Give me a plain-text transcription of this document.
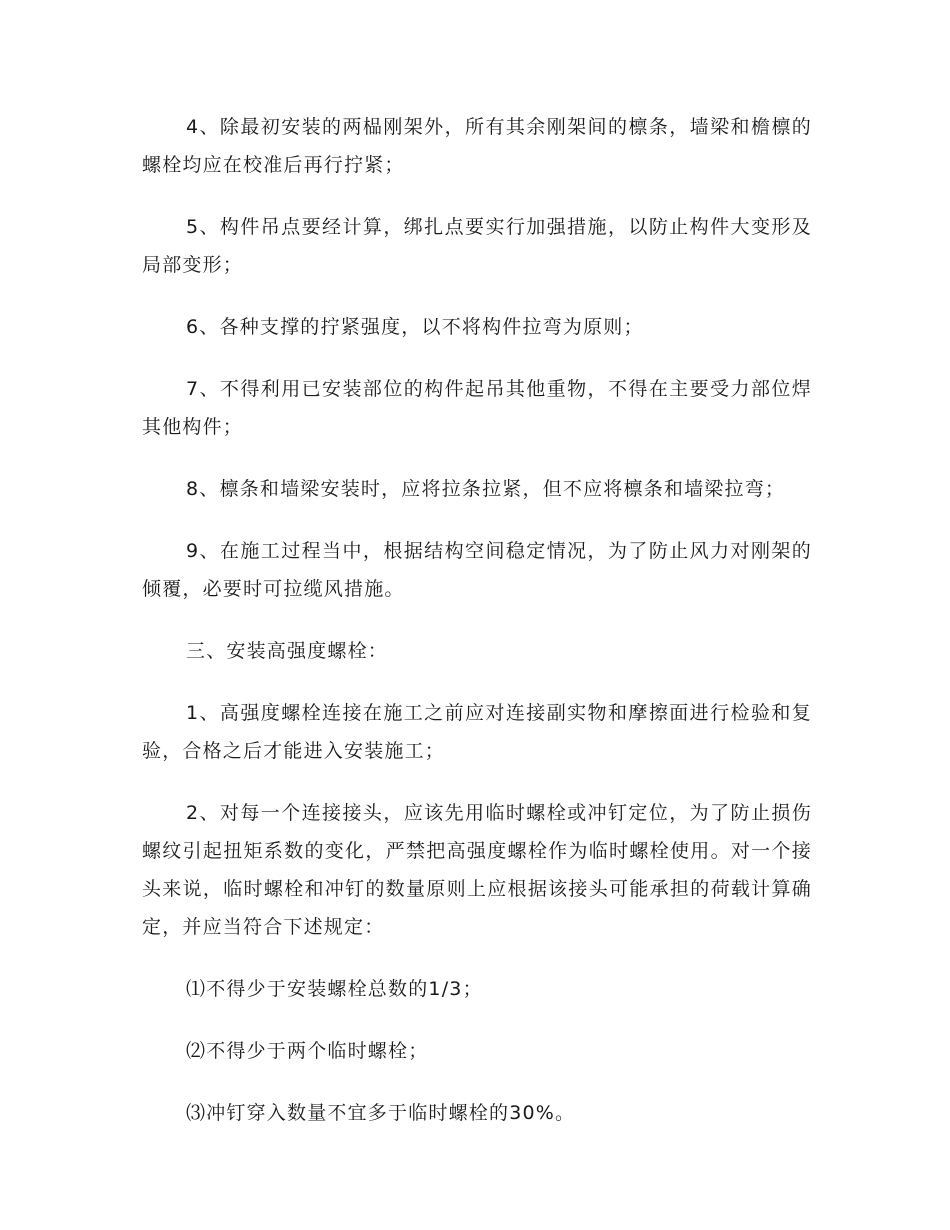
4、除最初安装的两榀刚架外，所有其余刚架间的檩条，墙梁和檐檩的螺栓均应在校准后再行拧紧；

5、构件吊点要经计算，绑扎点要实行加强措施，以防止构件大变形及局部变形；

6、各种支撑的拧紧强度，以不将构件拉弯为原则；

7、不得利用已安装部位的构件起吊其他重物，不得在主要受力部位焊其他构件；

8、檩条和墙梁安装时，应将拉条拉紧，但不应将檩条和墙梁拉弯；

9、在施工过程当中，根据结构空间稳定情况，为了防止风力对刚架的倾覆，必要时可拉缆风措施。

三、安装高强度螺栓：

1、高强度螺栓连接在施工之前应对连接副实物和摩擦面进行检验和复验，合格之后才能进入安装施工；

2、对每一个连接接头，应该先用临时螺栓或冲钉定位，为了防止损伤螺纹引起扭矩系数的变化，严禁把高强度螺栓作为临时螺栓使用。对一个接头来说，临时螺栓和冲钉的数量原则上应根据该接头可能承担的荷载计算确定，并应当符合下述规定：

⑴不得少于安装螺栓总数的1/3；

⑵不得少于两个临时螺栓；

⑶冲钉穿入数量不宜多于临时螺栓的30%。
